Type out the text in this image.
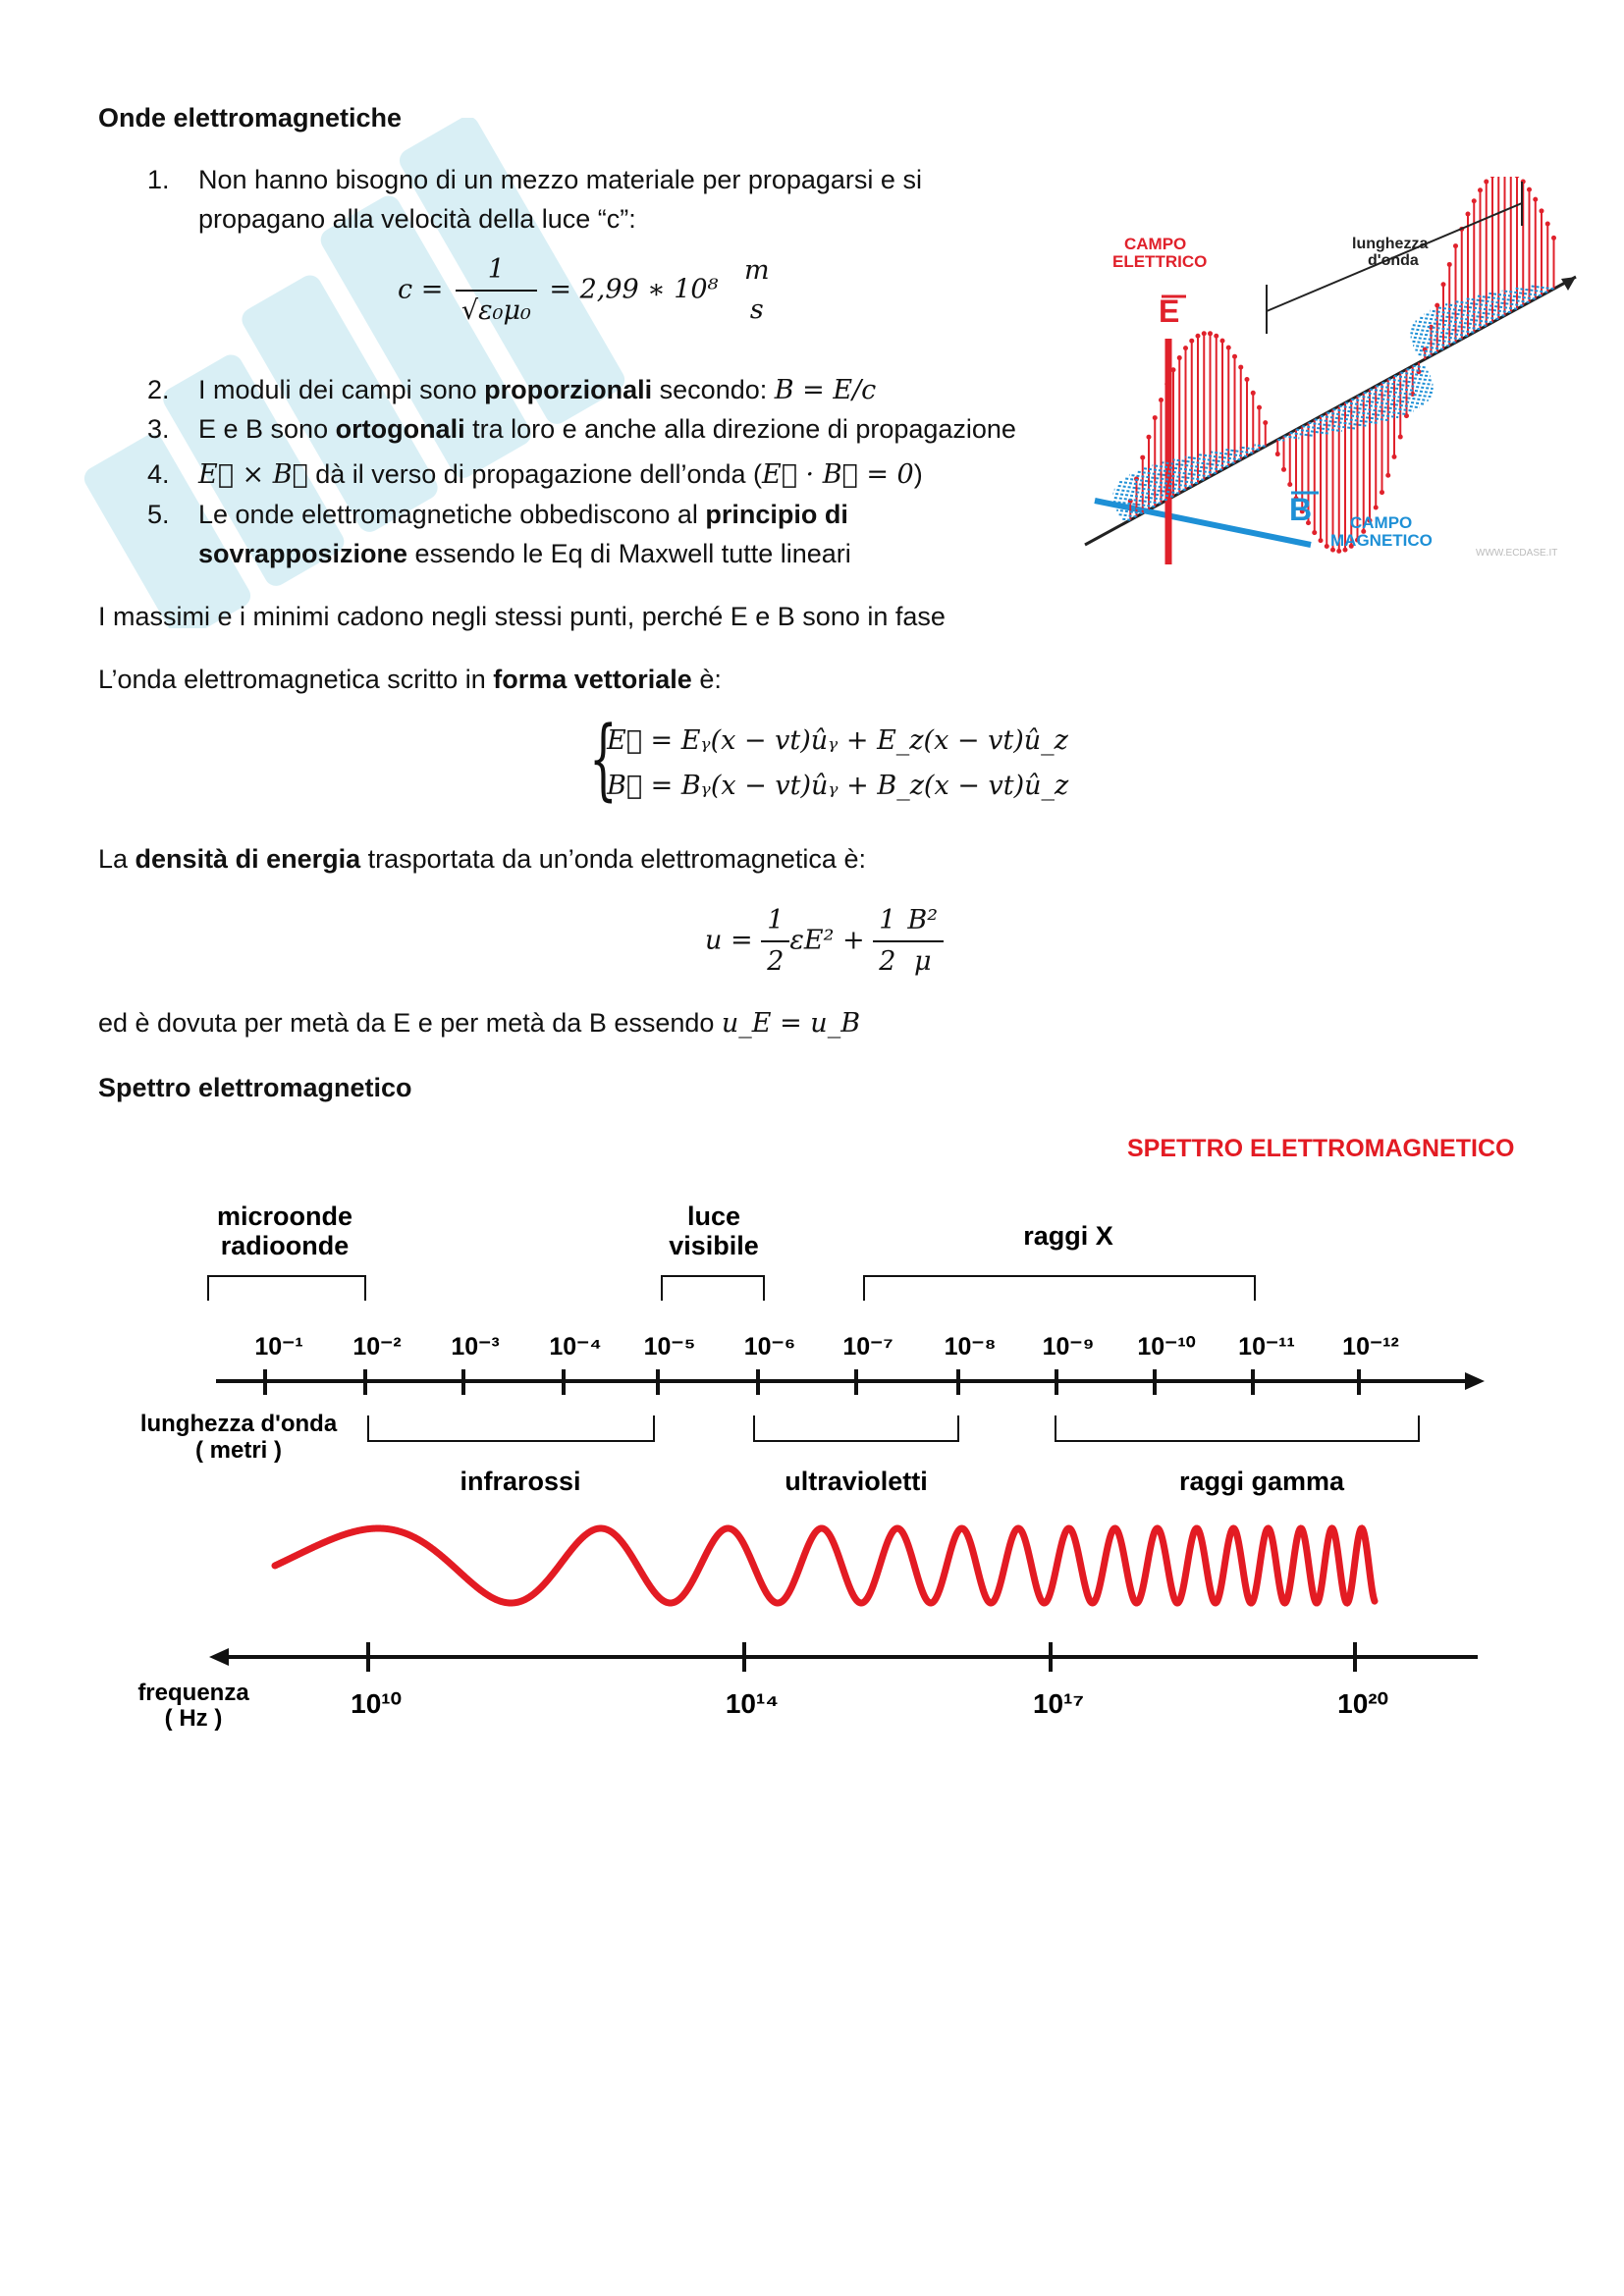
Onde elettromagnetiche
1. Non hanno bisogno di un mezzo materiale per propagarsi e si
propagano alla velocità della luce “c”:
$c = \frac{1}{\text{√ε₀μ₀}} = 2,99$ ∗ 10⁸
m
s
2. I moduli dei campi sono proporzionali secondo: B = E/c
3. E e B sono ortogonali tra loro e anche alla direzione di propagazione
4. E⃗ × B⃗ dà il verso di propagazione dell’onda (E⃗ · B⃗ = 0)
5. Le onde elettromagnetiche obbediscono al principio di
sovrapposizione essendo le Eq di Maxwell tutte lineari
I massimi e i minimi cadono negli stessi punti, perché E e B sono in fase
L’onda elettromagnetica scritto in forma vettoriale è:
{
E⃗ = Eᵧ(x − vt)ûᵧ + E_z(x − vt)û_z
B⃗ = Bᵧ(x − vt)ûᵧ + B_z(x − vt)û_z
La densità di energia trasportata da un’onda elettromagnetica è:
$u = \frac{1}{2} \varepsilon E^2 + \frac{1}{2} \frac{\text{B²}}{\mu}$
ed è dovuta per metà da E e per metà da B essendo u_E = u_B
Spettro elettromagnetico
CAMPO
ELETTRICO
lunghezza
d'onda
E
B CAMPO
MAGNETICO
WWW.ECDASE.IT
SPETTRO ELETTROMAGNETICO
microonde
radioonde
luce
visibile	raggi X
10⁻¹ 10⁻² 10⁻³ 10⁻⁴ 10⁻⁵ 10⁻⁶ 10⁻⁷ 10⁻⁸ 10⁻⁹ 10⁻¹⁰ 10⁻¹¹ 10⁻¹²
lunghezza d'onda
( metri )
infrarossi	ultravioletti	raggi gamma
10¹⁰	10¹⁴	10¹⁷	10²⁰
frequenza
( Hz )
